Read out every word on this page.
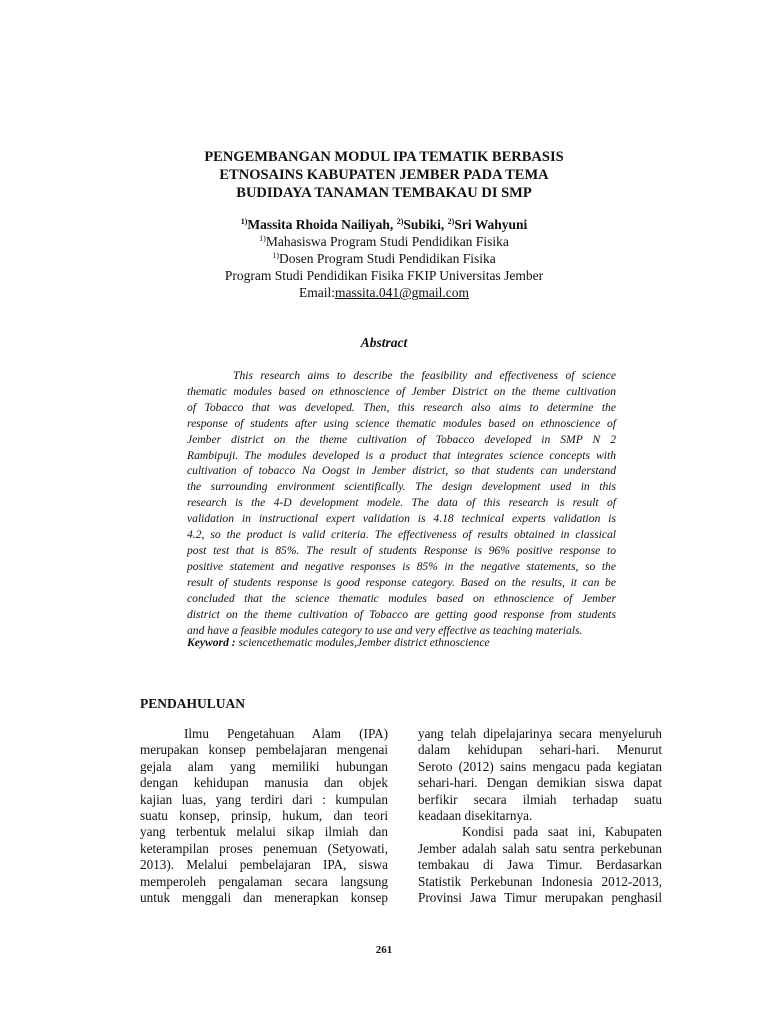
PENGEMBANGAN MODUL IPA TEMATIK BERBASIS
ETNOSAINS KABUPATEN JEMBER PADA TEMA
BUDIDAYA TANAMAN TEMBAKAU DI SMP
$^{1)}$Massita Rhoida Nailiyah, $^{2)}$Subiki, $^{2)}$Sri Wahyuni
$^{1)}$Mahasiswa Program Studi Pendidikan Fisika
$^{1)}$Dosen Program Studi Pendidikan Fisika
Program Studi Pendidikan Fisika FKIP Universitas Jember
Email:massita.041@gmail.com
Abstract
This research aims to describe the feasibility and effectiveness of science
thematic modules based on ethnoscience of Jember District on the theme cultivation
of Tobacco that was developed. Then, this research also aims to determine the
response of students after using science thematic modules based on ethnoscience of
Jember district on the theme cultivation of Tobacco developed in SMP N 2
Rambipuji. The modules developed is a product that integrates science concepts with
cultivation of tobacco Na Oogst in Jember district, so that students can understand
the surrounding environment scientifically. The design development used in this
research is the 4-D development modele. The data of this research is result of
validation in instructional expert validation is 4.18 technical experts validation is
4.2, so the product is valid criteria. The effectiveness of results obtained in classical
post test that is 85%. The result of students Response is 96% positive response to
positive statement and negative responses is 85% in the negative statements, so the
result of students response is good response category. Based on the results, it can be
concluded that the science thematic modules based on ethnoscience of Jember
district on the theme cultivation of Tobacco are getting good response from students
and have a feasible modules category to use and very effective as teaching materials.
Keyword : sciencethematic modules,Jember district ethnoscience
PENDAHULUAN
Ilmu Pengetahuan Alam (IPA)
merupakan konsep pembelajaran mengenai
gejala alam yang memiliki hubungan
dengan kehidupan manusia dan objek
kajian luas, yang terdiri dari : kumpulan
suatu konsep, prinsip, hukum, dan teori
yang terbentuk melalui sikap ilmiah dan
keterampilan proses penemuan (Setyowati,
2013). Melalui pembelajaran IPA, siswa
memperoleh pengalaman secara langsung
untuk menggali dan menerapkan konsep
yang telah dipelajarinya secara menyeluruh
dalam kehidupan sehari-hari. Menurut
Seroto (2012) sains mengacu pada kegiatan
sehari-hari. Dengan demikian siswa dapat
berfikir secara ilmiah terhadap suatu
keadaan disekitarnya.
Kondisi pada saat ini, Kabupaten
Jember adalah salah satu sentra perkebunan
tembakau di Jawa Timur. Berdasarkan
Statistik Perkebunan Indonesia 2012-2013,
Provinsi Jawa Timur merupakan penghasil
261
